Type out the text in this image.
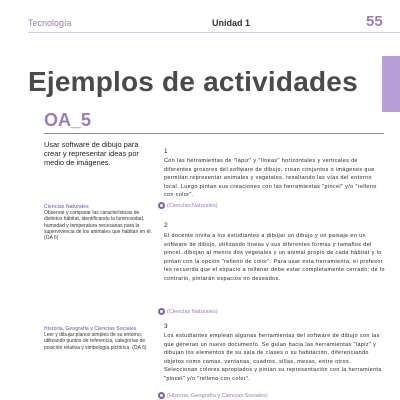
Tecnología	Unidad 1	55
Ejemplos de actividades
OA_5

Usar software de dibujo para crear y representar ideas por medio de imágenes.

Ciencias Naturales
Observar y comparar las características de distintos hábitat, identificando la luminosidad, humedad y temperatura necesarias para la supervivencia de los animales que habitan en él. (OA 6)
Historia, Geografía y Ciencias Sociales
Leer y dibujar planos simples de su entorno, utilizando puntos de referencia, categorías de posición relativa y simbología pictórica. (OA 6)
1

Con las herramientas de "lápiz" y "líneas" horizontales y verticales de diferentes grosores del software de dibujo, crean conjuntos o imágenes que permitan representar animales y vegetales, resaltando las vías del entorno local. Luego pintan sus creaciones con las herramientas "pincel" y/o "relleno con color".

(Ciencias Naturales)
2

El docente invita a los estudiantes a dibujar un dibujo y un paisaje en un software de dibujo, utilizando líneas y sus diferentes formas y tamaños del pincel, dibujan al menos dos vegetales y un animal propio de cada hábitat y lo pintan con la opción "relleno de color". Para usar esta herramienta, el profesor les recuerda que el espacio a rellenar debe estar completamente cerrado; de lo contrario, pintarán espacios no deseados.

(Ciencias Naturales)
3

Los estudiantes emplean algunas herramientas del software de dibujo con las que generan un nuevo documento. Se guían hacia las herramientas "lápiz" y dibujan los elementos de su sala de clases o su habitación, diferenciando objetos como camas, ventanas, cuadros, sillas, mesas, entre otros. Seleccionan colores apropiados y pintan su representación con la herramienta "pincel" y/o "relleno con color".

(Historia, Geografía y Ciencias Sociales)
